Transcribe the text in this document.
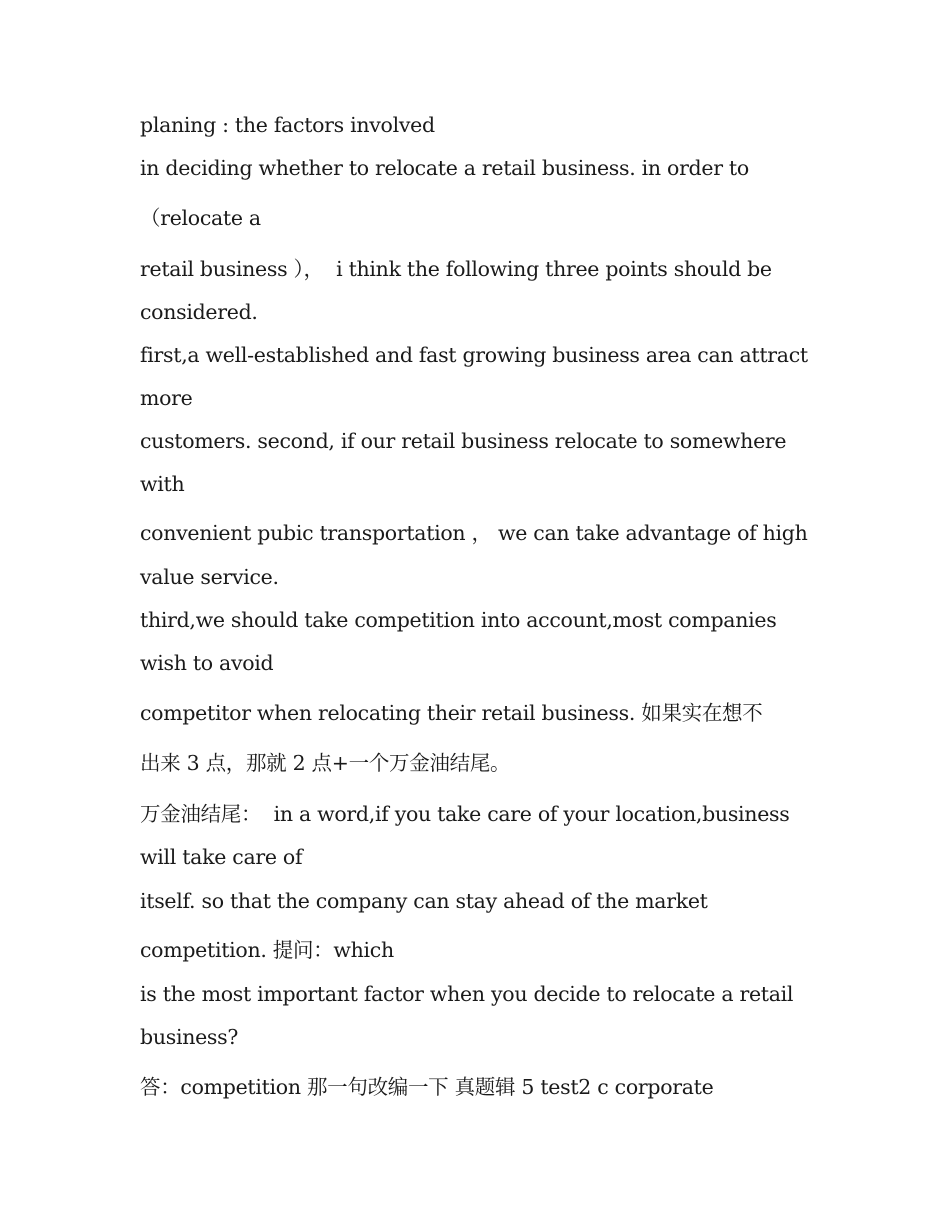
planing : the factors involved

in deciding whether to relocate a retail business. in order to

（relocate a

retail business ），  i think the following three points should be

considered.

first,a well-established and fast growing business area can attract

more

customers. second, if our retail business relocate to somewhere

with

convenient pubic transportation ， we can take advantage of high

value service.

third,we should take competition into account,most companies

wish to avoid

competitor when relocating their retail business. 如果实在想不

出来 3 点，那就 2 点+一个万金油结尾。

万金油结尾：  in a word,if you take care of your location,business

will take care of

itself. so that the company can stay ahead of the market

competition. 提问：which

is the most important factor when you decide to relocate a retail

business?

答：competition 那一句改编一下 真题辑 5 test2 c corporate
